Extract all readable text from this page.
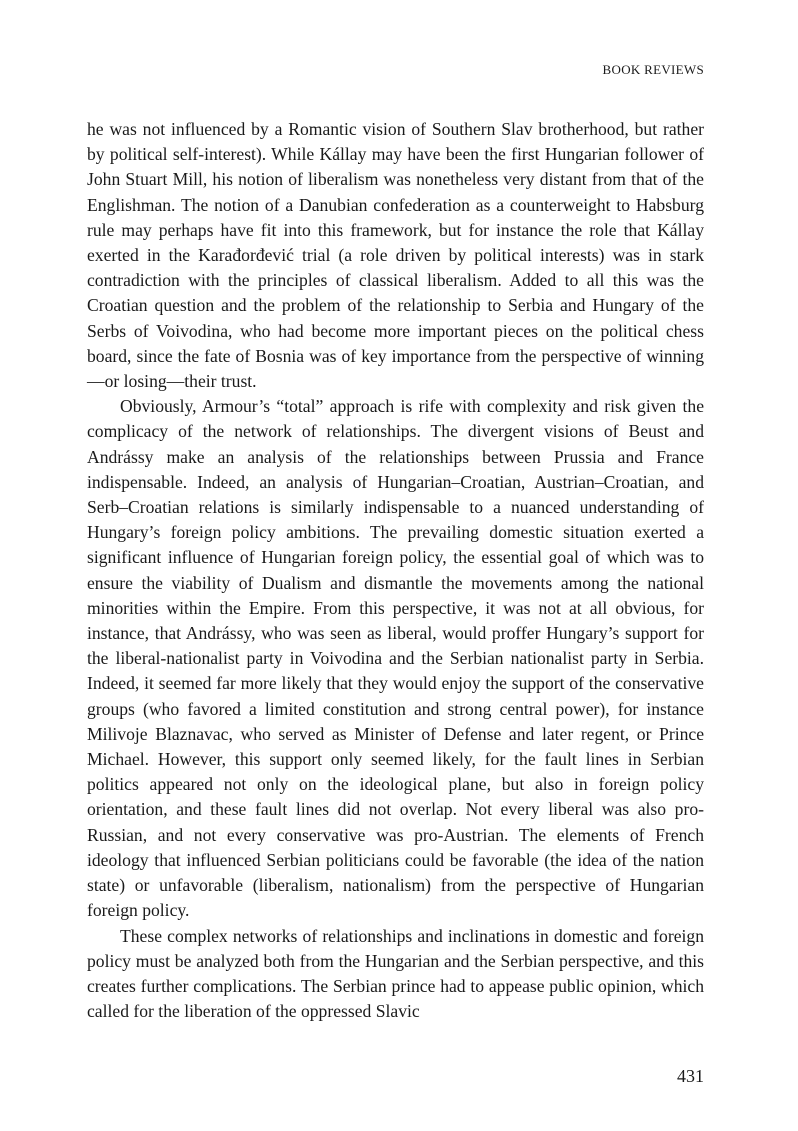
BOOK REVIEWS

he was not influenced by a Romantic vision of Southern Slav brotherhood, but rather by political self-interest). While Kállay may have been the first Hungarian follower of John Stuart Mill, his notion of liberalism was nonetheless very distant from that of the Englishman. The notion of a Danubian confederation as a counterweight to Habsburg rule may perhaps have fit into this framework, but for instance the role that Kállay exerted in the Karađorđević trial (a role driven by political interests) was in stark contradiction with the principles of classical liberalism. Added to all this was the Croatian question and the problem of the relationship to Serbia and Hungary of the Serbs of Voivodina, who had become more important pieces on the political chess board, since the fate of Bosnia was of key importance from the perspective of winning—or losing—their trust.

Obviously, Armour’s “total” approach is rife with complexity and risk given the complicacy of the network of relationships. The divergent visions of Beust and Andrássy make an analysis of the relationships between Prussia and France indispensable. Indeed, an analysis of Hungarian–Croatian, Austrian–Croatian, and Serb–Croatian relations is similarly indispensable to a nuanced understanding of Hungary’s foreign policy ambitions. The prevailing domestic situation exerted a significant influence of Hungarian foreign policy, the essential goal of which was to ensure the viability of Dualism and dismantle the movements among the national minorities within the Empire. From this perspective, it was not at all obvious, for instance, that Andrássy, who was seen as liberal, would proffer Hungary’s support for the liberal-nationalist party in Voivodina and the Serbian nationalist party in Serbia. Indeed, it seemed far more likely that they would enjoy the support of the conservative groups (who favored a limited constitution and strong central power), for instance Milivoje Blaznavac, who served as Minister of Defense and later regent, or Prince Michael. However, this support only seemed likely, for the fault lines in Serbian politics appeared not only on the ideological plane, but also in foreign policy orientation, and these fault lines did not overlap. Not every liberal was also pro-Russian, and not every conservative was pro-Austrian. The elements of French ideology that influenced Serbian politicians could be favorable (the idea of the nation state) or unfavorable (liberalism, nationalism) from the perspective of Hungarian foreign policy.

These complex networks of relationships and inclinations in domestic and foreign policy must be analyzed both from the Hungarian and the Serbian perspective, and this creates further complications. The Serbian prince had to appease public opinion, which called for the liberation of the oppressed Slavic

431
